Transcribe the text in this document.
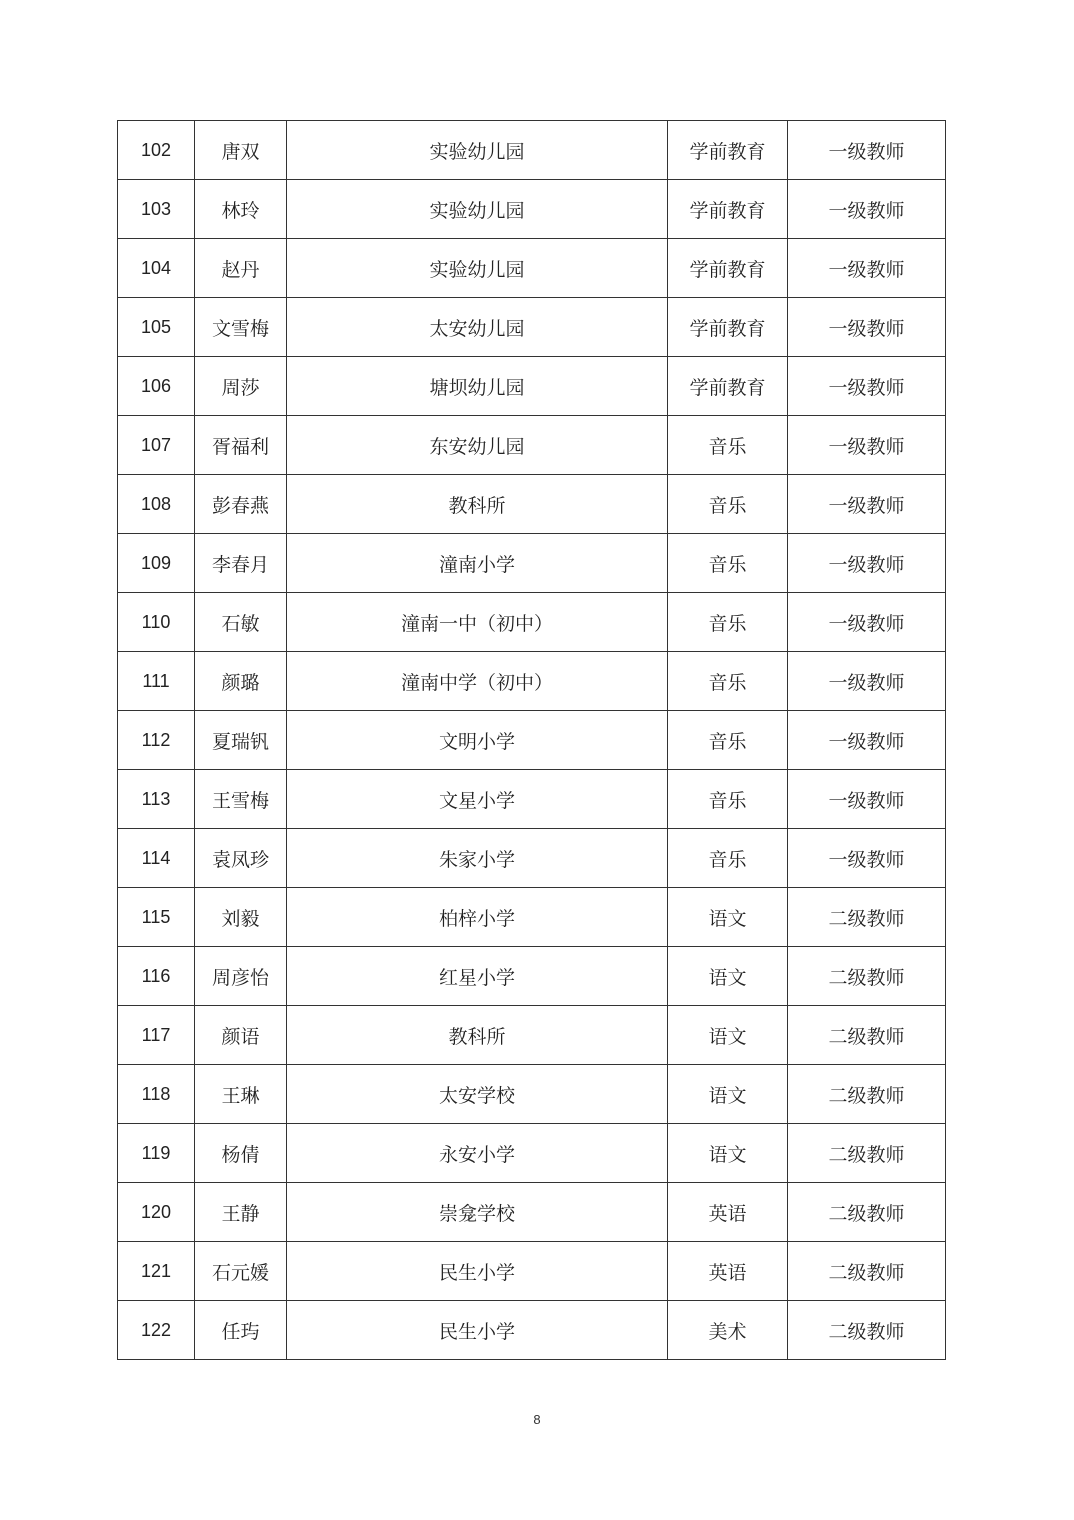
102	唐双	实验幼儿园	学前教育	一级教师
103	林玲	实验幼儿园	学前教育	一级教师
104	赵丹	实验幼儿园	学前教育	一级教师
105	文雪梅	太安幼儿园	学前教育	一级教师
106	周莎	塘坝幼儿园	学前教育	一级教师
107	胥福利	东安幼儿园	音乐	一级教师
108	彭春燕	教科所	音乐	一级教师
109	李春月	潼南小学	音乐	一级教师
110	石敏	潼南一中（初中）	音乐	一级教师
111	颜璐	潼南中学（初中）	音乐	一级教师
112	夏瑞钒	文明小学	音乐	一级教师
113	王雪梅	文星小学	音乐	一级教师
114	袁凤珍	朱家小学	音乐	一级教师
115	刘毅	柏梓小学	语文	二级教师
116	周彦怡	红星小学	语文	二级教师
117	颜语	教科所	语文	二级教师
118	王琳	太安学校	语文	二级教师
119	杨倩	永安小学	语文	二级教师
120	王静	崇龛学校	英语	二级教师
121	石元媛	民生小学	英语	二级教师
122	任玙	民生小学	美术	二级教师
8
